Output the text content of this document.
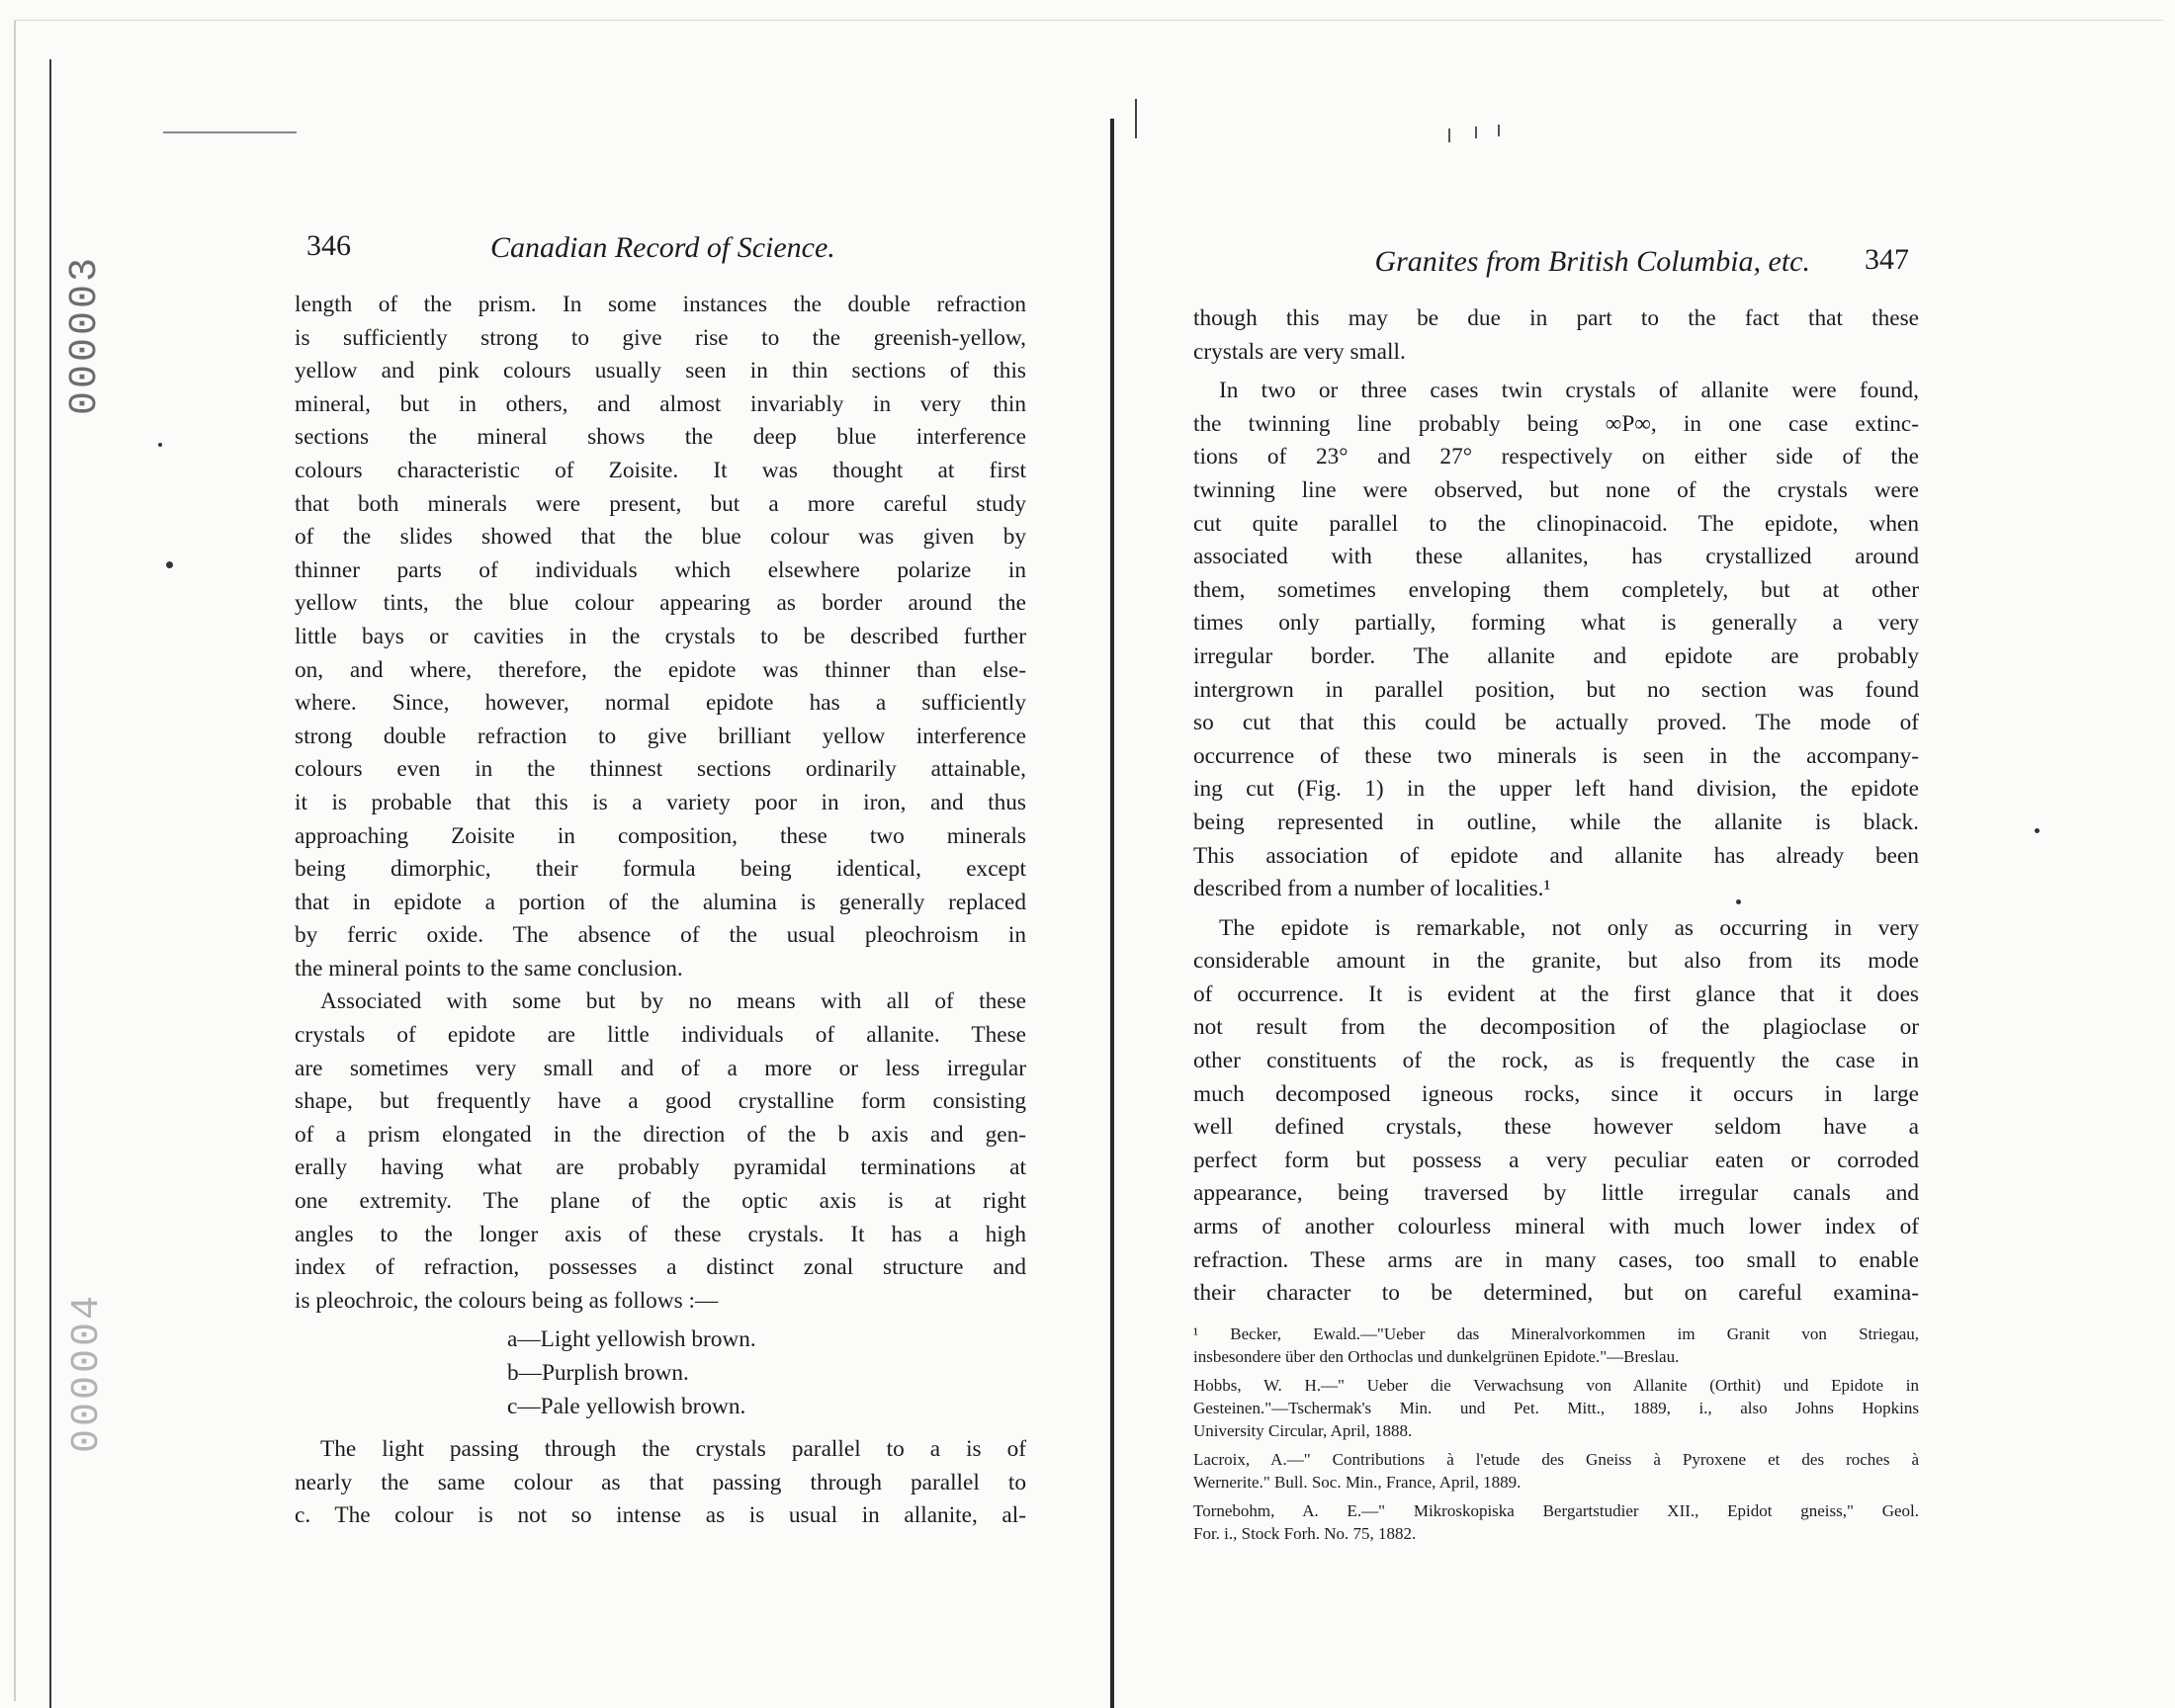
000003
000004
346	Canadian Record of Science.
length of the prism. In some instances the double refraction
is sufficiently strong to give rise to the greenish-yellow,
yellow and pink colours usually seen in thin sections of this
mineral, but in others, and almost invariably in very thin
sections the mineral shows the deep blue interference
colours characteristic of Zoisite. It was thought at first
that both minerals were present, but a more careful study
of the slides showed that the blue colour was given by
thinner parts of individuals which elsewhere polarize in
yellow tints, the blue colour appearing as border around the
little bays or cavities in the crystals to be described further
on, and where, therefore, the epidote was thinner than else-
where. Since, however, normal epidote has a sufficiently
strong double refraction to give brilliant yellow interference
colours even in the thinnest sections ordinarily attainable,
it is probable that this is a variety poor in iron, and thus
approaching Zoisite in composition, these two minerals
being dimorphic, their formula being identical, except
that in epidote a portion of the alumina is generally replaced
by ferric oxide. The absence of the usual pleochroism in
the mineral points to the same conclusion.
Associated with some but by no means with all of these
crystals of epidote are little individuals of allanite. These
are sometimes very small and of a more or less irregular
shape, but frequently have a good crystalline form consisting
of a prism elongated in the direction of the b axis and gen-
erally having what are probably pyramidal terminations at
one extremity. The plane of the optic axis is at right
angles to the longer axis of these crystals. It has a high
index of refraction, possesses a distinct zonal structure and
is pleochroic, the colours being as follows :—
a—Light yellowish brown.
b—Purplish brown.
c—Pale yellowish brown.
The light passing through the crystals parallel to a is of
nearly the same colour as that passing through parallel to
c. The colour is not so intense as is usual in allanite, al-
Granites from British Columbia, etc. 347
though this may be due in part to the fact that these
crystals are very small.
In two or three cases twin crystals of allanite were found,
the twinning line probably being ∞P∞, in one case extinc-
tions of 23° and 27° respectively on either side of the
twinning line were observed, but none of the crystals were
cut quite parallel to the clinopinacoid. The epidote, when
associated with these allanites, has crystallized around
them, sometimes enveloping them completely, but at other
times only partially, forming what is generally a very
irregular border. The allanite and epidote are probably
intergrown in parallel position, but no section was found
so cut that this could be actually proved. The mode of
occurrence of these two minerals is seen in the accompany-
ing cut (Fig. 1) in the upper left hand division, the epidote
being represented in outline, while the allanite is black.
This association of epidote and allanite has already been
described from a number of localities.¹
The epidote is remarkable, not only as occurring in very
considerable amount in the granite, but also from its mode
of occurrence. It is evident at the first glance that it does
not result from the decomposition of the plagioclase or
other constituents of the rock, as is frequently the case in
much decomposed igneous rocks, since it occurs in large
well defined crystals, these however seldom have a
perfect form but possess a very peculiar eaten or corroded
appearance, being traversed by little irregular canals and
arms of another colourless mineral with much lower index of
refraction. These arms are in many cases, too small to enable
their character to be determined, but on careful examina-
¹ Becker, Ewald.—"Ueber das Mineralvorkommen im Granit von Striegau,
insbesondere über den Orthoclas und dunkelgrünen Epidote."—Breslau.
Hobbs, W. H.—" Ueber die Verwachsung von Allanite (Orthit) und Epidote in
Gesteinen."—Tschermak's Min. und Pet. Mitt., 1889, i., also Johns Hopkins
University Circular, April, 1888.
Lacroix, A.—" Contributions à l'etude des Gneiss à Pyroxene et des roches à
Wernerite." Bull. Soc. Min., France, April, 1889.
Tornebohm, A. E.—" Mikroskopiska Bergartstudier XII., Epidot gneiss," Geol.
For. i., Stock Forh. No. 75, 1882.
